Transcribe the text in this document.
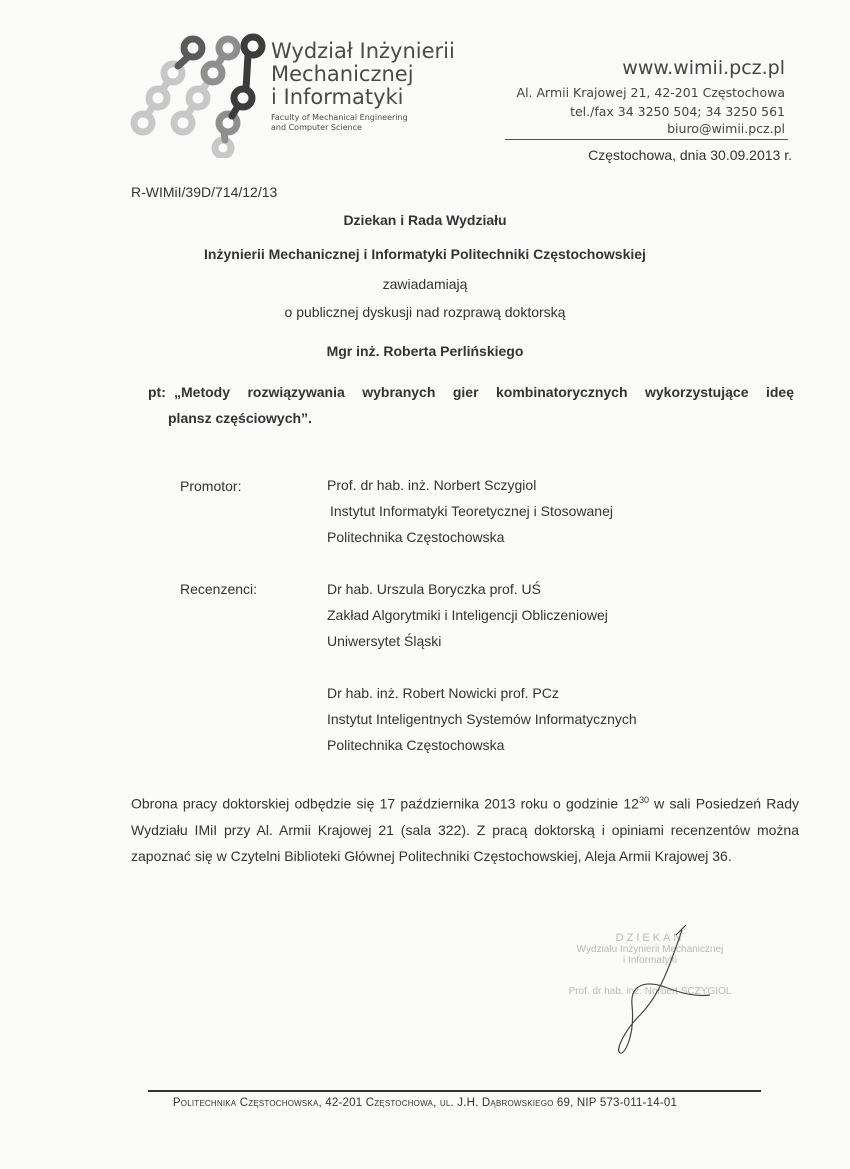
Wydział Inżynierii
Mechanicznej
i Informatyki
Faculty of Mechanical Engineering
and Computer Science
www.wimii.pcz.pl
Al. Armii Krajowej 21, 42-201 Częstochowa
tel./fax 34 3250 504; 34 3250 561
biuro@wimii.pcz.pl
Częstochowa, dnia 30.09.2013 r.
R-WIMiI/39D/714/12/13
Dziekan i Rada Wydziału
Inżynierii Mechanicznej i Informatyki Politechniki Częstochowskiej
zawiadamiają
o publicznej dyskusji nad rozprawą doktorską
Mgr inż. Roberta Perlińskiego
pt: „Metody rozwiązywania wybranych gier kombinatorycznych wykorzystujące ideę
plansz częściowych”.
Promotor:	Prof. dr hab. inż. Norbert Sczygiol
Instytut Informatyki Teoretycznej i Stosowanej
Politechnika Częstochowska
Recenzenci:	Dr hab. Urszula Boryczka prof. UŚ
Zakład Algorytmiki i Inteligencji Obliczeniowej
Uniwersytet Śląski
Dr hab. inż. Robert Nowicki prof. PCz
Instytut Inteligentnych Systemów Informatycznych
Politechnika Częstochowska
Obrona pracy doktorskiej odbędzie się 17 października 2013 roku o godzinie $12^{30}$ w sali Posiedzeń Rady Wydziału IMiI przy Al. Armii Krajowej 21 (sala 322). Z pracą doktorską i opiniami recenzentów można zapoznać się w Czytelni Biblioteki Głównej Politechniki Częstochowskiej, Aleja Armii Krajowej 36.
DZIEKAN
Wydziału Inżynierii Mechanicznej
i Informatyki
Prof. dr hab. inż. Norbert SCZYGIOL
Politechnika Częstochowska, 42-201 Częstochowa, ul. J.H. Dąbrowskiego 69, NIP 573-011-14-01
